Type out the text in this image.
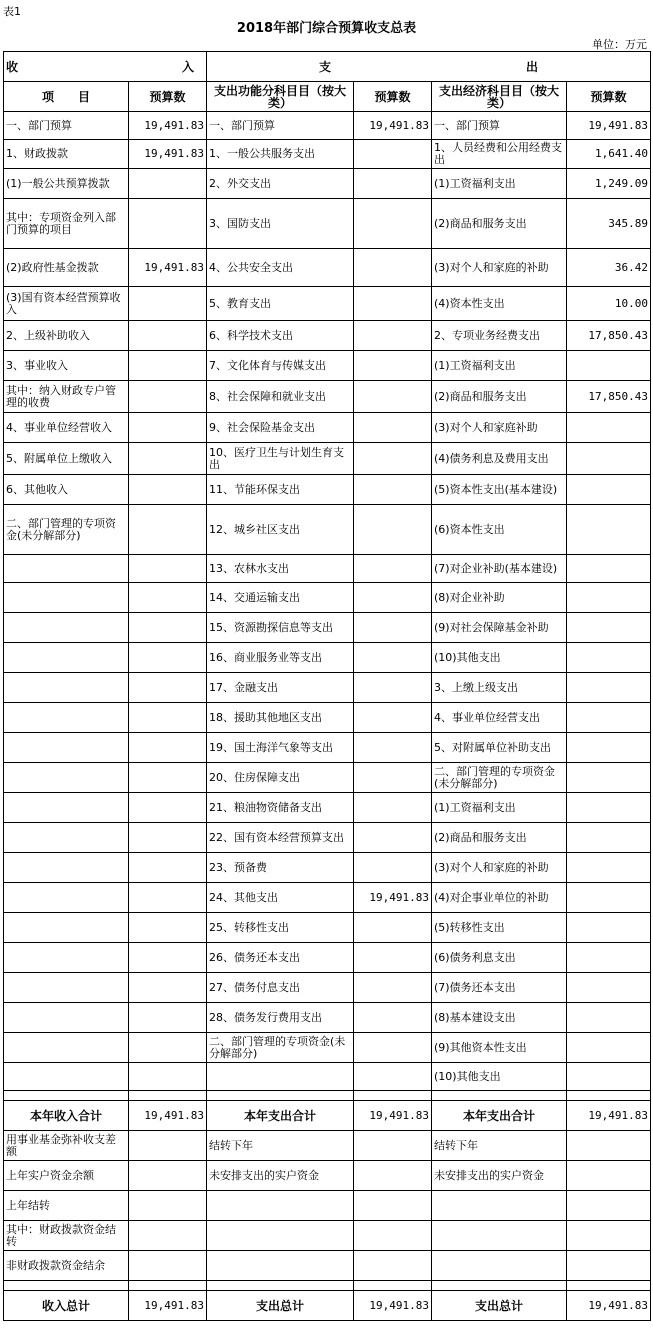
表1
2018年部门综合预算收支总表
单位：万元
收 入		支 出			

项　　目	预算数	支出功能分科目目（按大类）	预算数	支出经济科目目（按大类）	预算数
一、部门预算	19,491.83	一、部门预算	19,491.83	一、部门预算	19,491.83
1、财政拨款	19,491.83	1、一般公共服务支出		1、人员经费和公用经费支出	1,641.40
(1)一般公共预算拨款		2、外交支出		(1)工资福利支出	1,249.09
其中：专项资金列入部门预算的项目		3、国防支出		(2)商品和服务支出	345.89
(2)政府性基金拨款	19,491.83	4、公共安全支出		(3)对个人和家庭的补助	36.42
(3)国有资本经营预算收入		5、教育支出		(4)资本性支出	10.00
2、上级补助收入		6、科学技术支出		2、专项业务经费支出	17,850.43
3、事业收入		7、文化体育与传媒支出		(1)工资福利支出	
其中：纳入财政专户管理的收费		8、社会保障和就业支出		(2)商品和服务支出	17,850.43
4、事业单位经营收入		9、社会保险基金支出		(3)对个人和家庭补助	
5、附属单位上缴收入		10、医疗卫生与计划生育支出		(4)债务利息及费用支出	
6、其他收入		11、节能环保支出		(5)资本性支出(基本建设)	
二、部门管理的专项资金(未分解部分)		12、城乡社区支出		(6)资本性支出	
		13、农林水支出		(7)对企业补助(基本建设)	
		14、交通运输支出		(8)对企业补助	
		15、资源勘探信息等支出		(9)对社会保障基金补助	
		16、商业服务业等支出		(10)其他支出	
		17、金融支出		3、上缴上级支出	
		18、援助其他地区支出		4、事业单位经营支出	
		19、国土海洋气象等支出		5、对附属单位补助支出	
		20、住房保障支出		二、部门管理的专项资金(未分解部分)	
		21、粮油物资储备支出		(1)工资福利支出	
		22、国有资本经营预算支出		(2)商品和服务支出	
		23、预备费		(3)对个人和家庭的补助	
		24、其他支出	19,491.83	(4)对企事业单位的补助	
		25、转移性支出		(5)转移性支出	
		26、债务还本支出		(6)债务利息支出	
		27、债务付息支出		(7)债务还本支出	
		28、债务发行费用支出		(8)基本建设支出	
		二、部门管理的专项资金(未分解部分)		(9)其他资本性支出	
				(10)其他支出	

本年收入合计	19,491.83	本年支出合计	19,491.83	本年支出合计	19,491.83
用事业基金弥补收支差额		结转下年		结转下年	
上年实户资金余额		未安排支出的实户资金		未安排支出的实户资金	
上年结转					
其中：财政拨款资金结转					
非财政拨款资金结余					

收入总计	19,491.83	支出总计	19,491.83	支出总计	19,491.83
